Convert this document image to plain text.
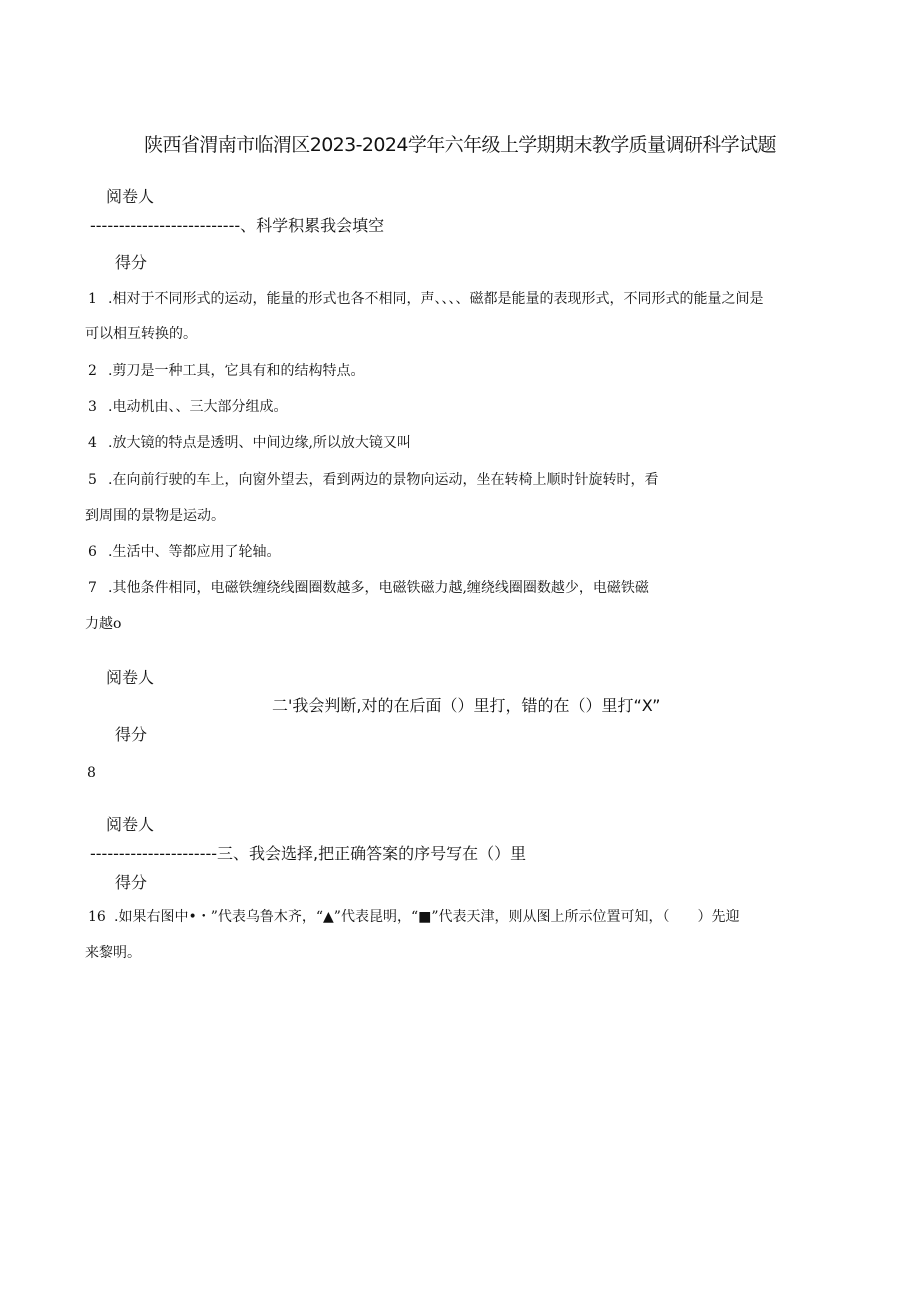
陕西省渭南市临渭区2023-2024学年六年级上学期期末教学质量调研科学试题
阅卷人
--------------------------、科学积累我会填空
得分
1 .相对于不同形式的运动，能量的形式也各不相同，声、、、、磁都是能量的表现形式，不同形式的能量之间是
可以相互转换的。
2 .剪刀是一种工具，它具有和的结构特点。
3 .电动机由、、三大部分组成。
4 .放大镜的特点是透明、中间边缘,所以放大镜又叫
5 .在向前行驶的车上，向窗外望去，看到两边的景物向运动，坐在转椅上顺时针旋转时，看
到周围的景物是运动。
6 .生活中、等都应用了轮轴。
7 .其他条件相同，电磁铁缠绕线圈圈数越多，电磁铁磁力越,缠绕线圈圈数越少，电磁铁磁
力越o
阅卷人
二'我会判断,对的在后面（）里打，错的在（）里打“X”
得分
8
阅卷人
----------------------三、我会选择,把正确答案的序号写在（）里
得分
16 .如果右图中•・”代表乌鲁木齐，“▲”代表昆明，“■”代表天津，则从图上所示位置可知，（　　）先迎
来黎明。
